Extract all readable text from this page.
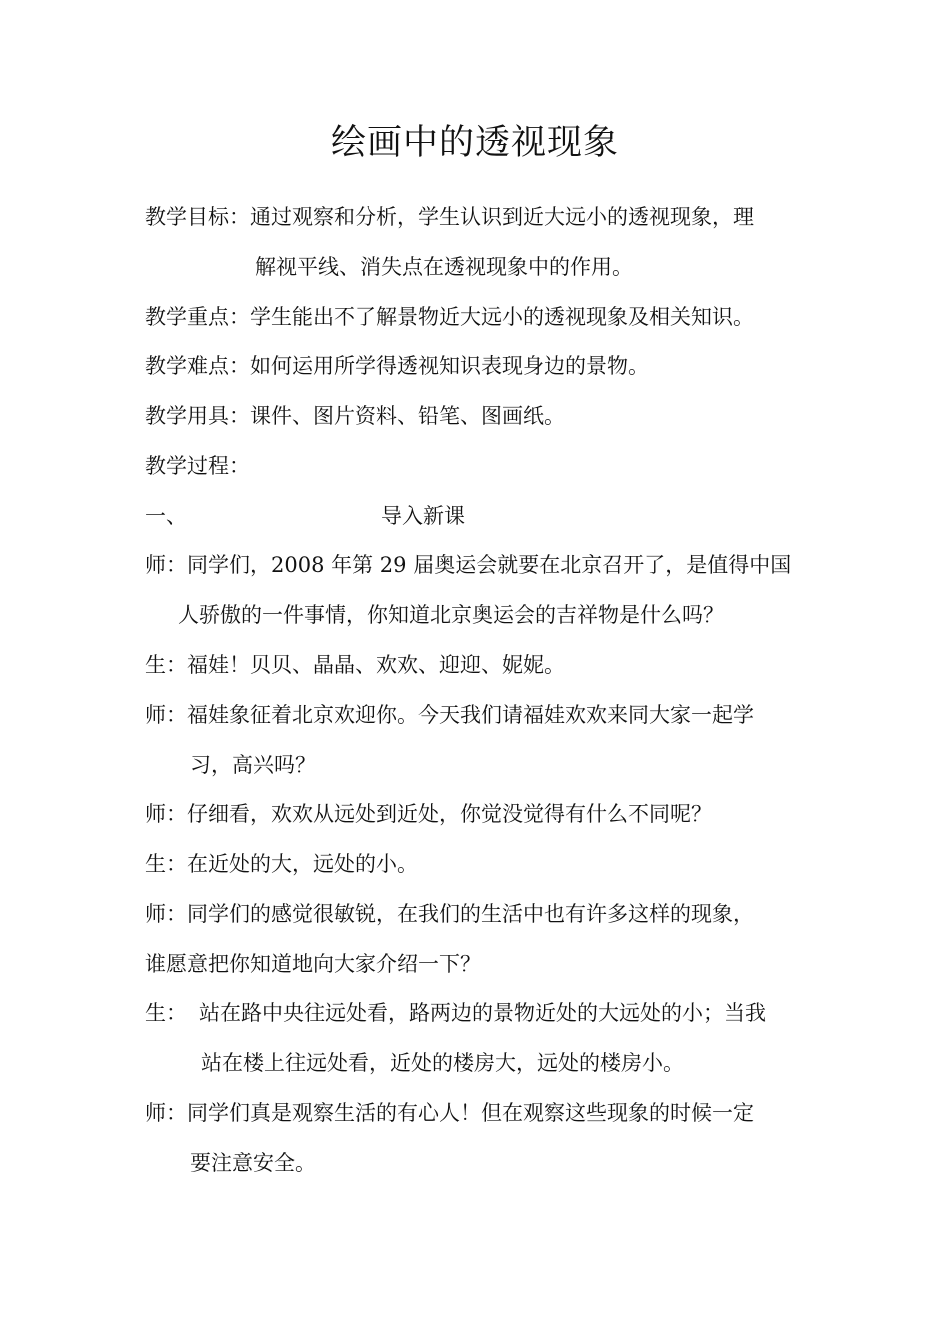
绘画中的透视现象
教学目标：通过观察和分析，学生认识到近大远小的透视现象，理
解视平线、消失点在透视现象中的作用。
教学重点：学生能出不了解景物近大远小的透视现象及相关知识。
教学难点：如何运用所学得透视知识表现身边的景物。
教学用具：课件、图片资料、铅笔、图画纸。
教学过程：
一、	导入新课
师：同学们，2008 年第 29 届奥运会就要在北京召开了，是值得中国
人骄傲的一件事情，你知道北京奥运会的吉祥物是什么吗？
生：福娃！贝贝、晶晶、欢欢、迎迎、妮妮。
师：福娃象征着北京欢迎你。今天我们请福娃欢欢来同大家一起学
习，高兴吗？
师：仔细看，欢欢从远处到近处，你觉没觉得有什么不同呢？
生：在近处的大，远处的小。
师：同学们的感觉很敏锐，在我们的生活中也有许多这样的现象，
谁愿意把你知道地向大家介绍一下？
生： 站在路中央往远处看，路两边的景物近处的大远处的小；当我
站在楼上往远处看，近处的楼房大，远处的楼房小。
师：同学们真是观察生活的有心人！但在观察这些现象的时候一定
要注意安全。
